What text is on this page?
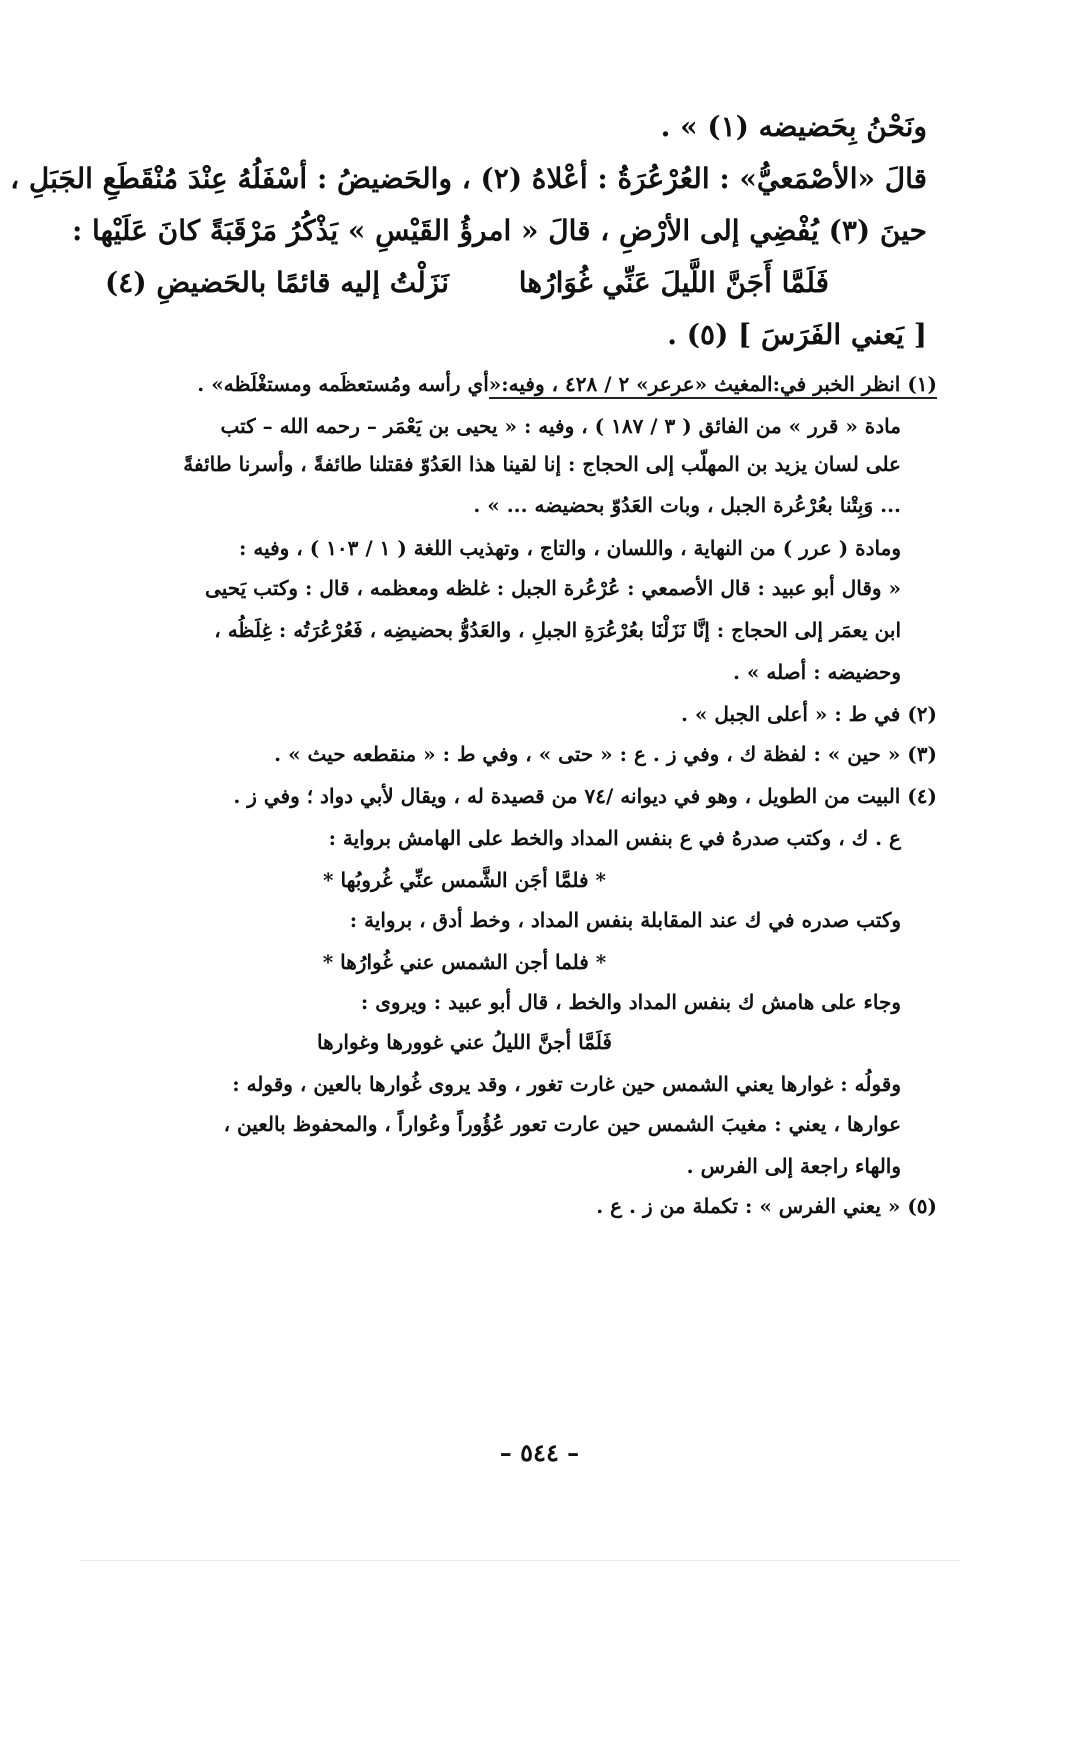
ونَحْنُ بِحَضيضه (١) » .
قالَ «الأصْمَعيُّ» : العُرْعُرَةُ : أعْلاهُ (٢) ، والحَضيضُ : أسْفَلُهُ عِنْدَ مُنْقَطَعِ الجَبَلِ ،
حينَ (٣) يُفْضِي إلى الأرْضِ ، قالَ « امرؤُ القَيْسِ » يَذْكُرُ مَرْقَبَةً كانَ عَلَيْها :
فَلَمَّا أَجَنَّ اللَّيلَ عَنِّي غُوَارُها
نَزَلْتُ إليه قائمًا بالحَضيضِ (٤)
[ يَعني الفَرَسَ ] (٥) .
(١) انظر الخبر في:المغيث «عرعر» ٢ / ٤٢٨ ، وفيه:«أي رأسه ومُستعظَمه ومستغْلَظه» .
مادة « قرر » من الفائق ( ٣ / ١٨٧ ) ، وفيه : « يحيى بن يَعْمَر – رحمه الله – كتب
على لسان يزيد بن المهلّب إلى الحجاج : إنا لقينا هذا العَدُوّ فقتلنا طائفةً ، وأسرنا طائفةً
... وَبِتْنا بعُرْعُرة الجبل ، وبات العَدُوّ بحضيضه ... » .
ومادة ( عرر ) من النهاية ، واللسان ، والتاج ، وتهذيب اللغة ( ١ / ١٠٣ ) ، وفيه :
« وقال أبو عبيد : قال الأصمعي : عُرْعُرة الجبل : غلظه ومعظمه ، قال : وكتب يَحيى
ابن يعمَر إلى الحجاج : إنَّا نَزَلْنَا بعُرْعُرَةِ الجبلِ ، والعَدُوُّ بحضيضِه ، فَعُرْعُرَتُه : غِلَظُه ،
وحضيضه : أصله » .
(٢) في ط : « أعلى الجبل » .
(٣) « حين » : لفظة ك ، وفي ز . ع : « حتى » ، وفي ط : « منقطعه حيث » .
(٤) البيت من الطويل ، وهو في ديوانه /٧٤ من قصيدة له ، ويقال لأبي دواد ؛ وفي ز .
ع . ك ، وكتب صدرهُ في ع بنفس المداد والخط على الهامش برواية :
* فلمَّا أجَن الشَّمس عنِّي غُروبُها *
وكتب صدره في ك عند المقابلة بنفس المداد ، وخط أدق ، برواية :
* فلما أجن الشمس عني غُوارُها *
وجاء على هامش ك بنفس المداد والخط ، قال أبو عبيد : ويروى :
فَلَمَّا أجنَّ الليلُ عني غوورها وغوارها
وقولُه : غوارها يعني الشمس حين غارت تغور ، وقد يروى غُوارها بالعين ، وقوله :
عوارها ، يعني : مغيبَ الشمس حين عارت تعور عُؤُوراً وعُواراً ، والمحفوظ بالعين ،
والهاء راجعة إلى الفرس .
(٥) « يعني الفرس » : تكملة من ز . ع .
– ٥٤٤ –
